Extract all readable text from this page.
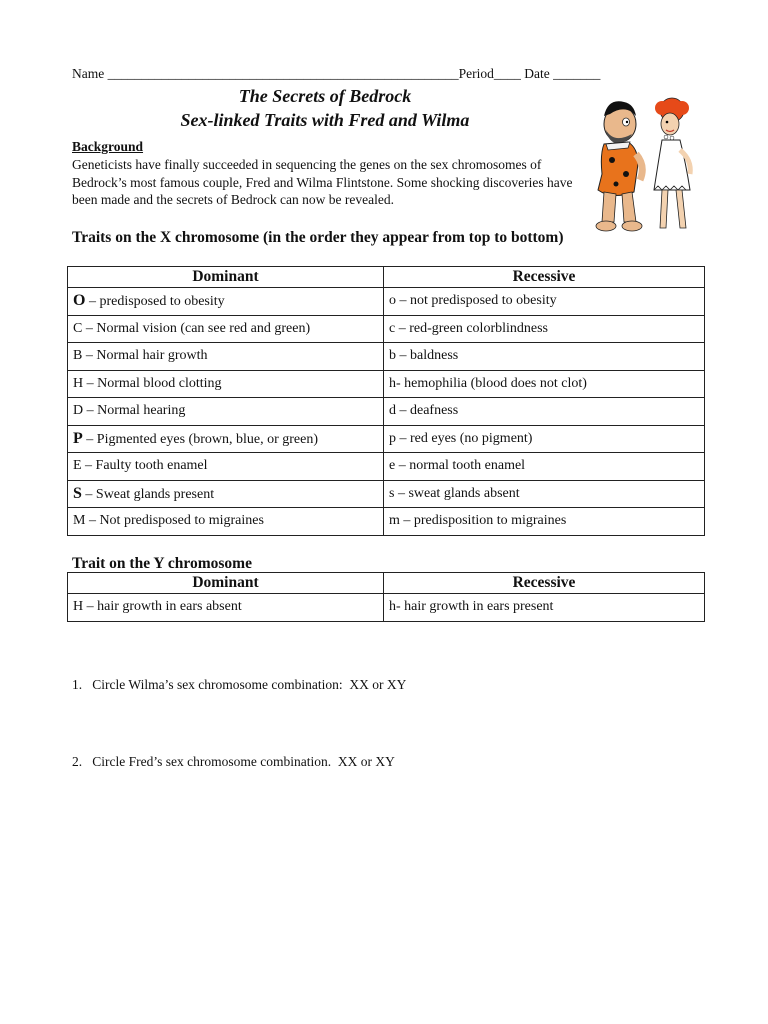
Name ____________________________________________________Period____ Date _______
The Secrets of Bedrock
Sex-linked Traits with Fred and Wilma
Background
Geneticists have finally succeeded in sequencing the genes on the sex chromosomes of Bedrock’s most famous couple, Fred and Wilma Flintstone. Some shocking discoveries have been made and the secrets of Bedrock can now be revealed.
Traits on the X chromosome (in the order they appear from top to bottom)
Dominant	Recessive
O – predisposed to obesity	o – not predisposed to obesity
C – Normal vision (can see red and green)	c – red-green colorblindness
B – Normal hair growth	b – baldness
H – Normal blood clotting	h- hemophilia (blood does not clot)
D – Normal hearing	d – deafness
P – Pigmented eyes (brown, blue, or green)	p – red eyes (no pigment)
E – Faulty tooth enamel	e – normal tooth enamel
S – Sweat glands present	s – sweat glands absent
M – Not predisposed to migraines	m – predisposition to migraines
Trait on the Y chromosome
Dominant	Recessive
H – hair growth in ears absent	h- hair growth in ears present
1. Circle Wilma’s sex chromosome combination:  XX or XY
2. Circle Fred’s sex chromosome combination.  XX or XY
